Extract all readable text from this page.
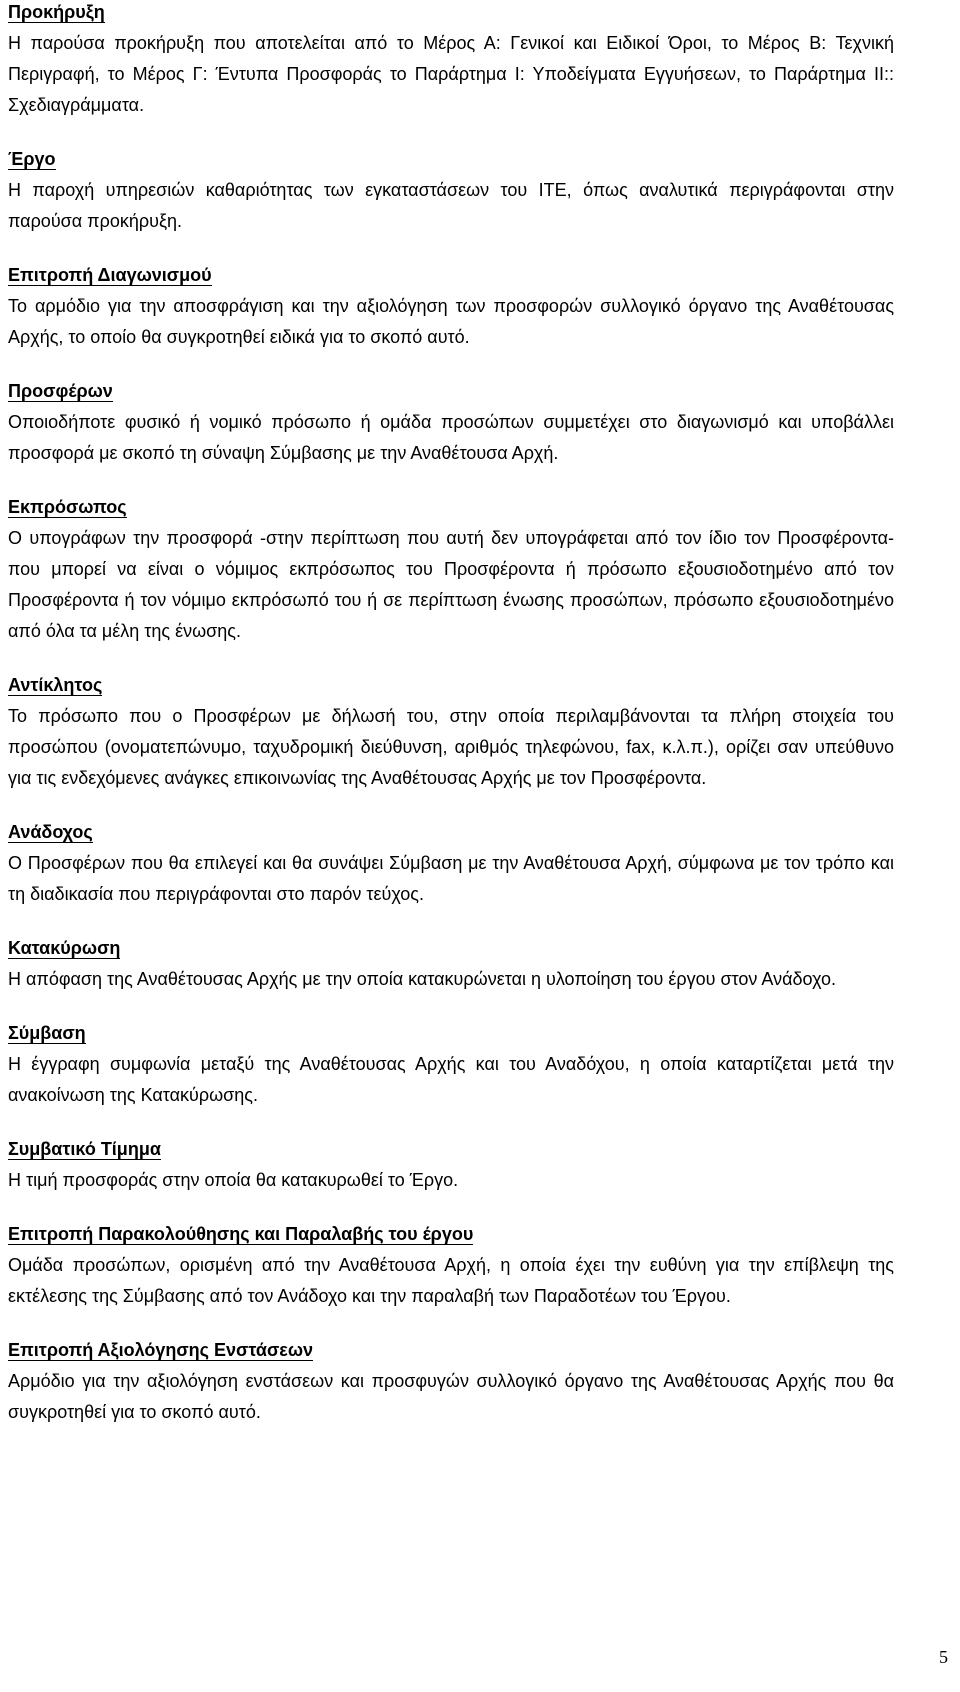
Προκήρυξη

Η παρούσα προκήρυξη που αποτελείται από το Μέρος Α: Γενικοί και Ειδικοί Όροι, το Μέρος Β: Τεχνική Περιγραφή, το Μέρος Γ: Έντυπα Προσφοράς το Παράρτημα Ι: Υποδείγματα Εγγυήσεων, το Παράρτημα ΙΙ:: Σχεδιαγράμματα.

Έργο

Η παροχή υπηρεσιών καθαριότητας των εγκαταστάσεων του ΙΤΕ, όπως αναλυτικά περιγράφονται στην παρούσα προκήρυξη.

Επιτροπή Διαγωνισμού

Το αρμόδιο για την αποσφράγιση και την αξιολόγηση των προσφορών συλλογικό όργανο της Αναθέτουσας Αρχής, το οποίο θα συγκροτηθεί ειδικά για το σκοπό αυτό.

Προσφέρων

Οποιοδήποτε φυσικό ή νομικό πρόσωπο ή ομάδα προσώπων συμμετέχει στο διαγωνισμό και υποβάλλει προσφορά με σκοπό τη σύναψη Σύμβασης με την Αναθέτουσα Αρχή.

Εκπρόσωπος

Ο υπογράφων την προσφορά -στην περίπτωση που αυτή δεν υπογράφεται από τον ίδιο τον Προσφέροντα- που μπορεί να είναι ο νόμιμος εκπρόσωπος του Προσφέροντα ή πρόσωπο εξουσιοδοτημένο από τον Προσφέροντα ή τον νόμιμο εκπρόσωπό του ή σε περίπτωση ένωσης προσώπων, πρόσωπο εξουσιοδοτημένο από όλα τα μέλη της ένωσης.

Αντίκλητος

Το πρόσωπο που ο Προσφέρων με δήλωσή του, στην οποία περιλαμβάνονται τα πλήρη στοιχεία του προσώπου (ονοματεπώνυμο, ταχυδρομική διεύθυνση, αριθμός τηλεφώνου, fax, κ.λ.π.), ορίζει σαν υπεύθυνο για τις ενδεχόμενες ανάγκες επικοινωνίας της Αναθέτουσας Αρχής με τον Προσφέροντα.

Ανάδοχος

Ο Προσφέρων που θα επιλεγεί και θα συνάψει Σύμβαση με την Αναθέτουσα Αρχή, σύμφωνα με τον τρόπο και τη διαδικασία που περιγράφονται στο παρόν τεύχος.

Κατακύρωση

Η απόφαση της Αναθέτουσας Αρχής με την οποία κατακυρώνεται η υλοποίηση του έργου στον Ανάδοχο.

Σύμβαση

Η έγγραφη συμφωνία μεταξύ της Αναθέτουσας Αρχής και του Αναδόχου, η οποία καταρτίζεται μετά την ανακοίνωση της Κατακύρωσης.

Συμβατικό Τίμημα

Η τιμή προσφοράς στην οποία θα κατακυρωθεί το Έργο.

Επιτροπή Παρακολούθησης και Παραλαβής του έργου

Ομάδα προσώπων, ορισμένη από την Αναθέτουσα Αρχή, η οποία έχει την ευθύνη για την επίβλεψη της εκτέλεσης της Σύμβασης από τον Ανάδοχο και την παραλαβή των Παραδοτέων του Έργου.

Επιτροπή Αξιολόγησης Ενστάσεων

Αρμόδιο για την αξιολόγηση ενστάσεων και προσφυγών συλλογικό όργανο της Αναθέτουσας Αρχής που θα συγκροτηθεί για το σκοπό αυτό.

5
